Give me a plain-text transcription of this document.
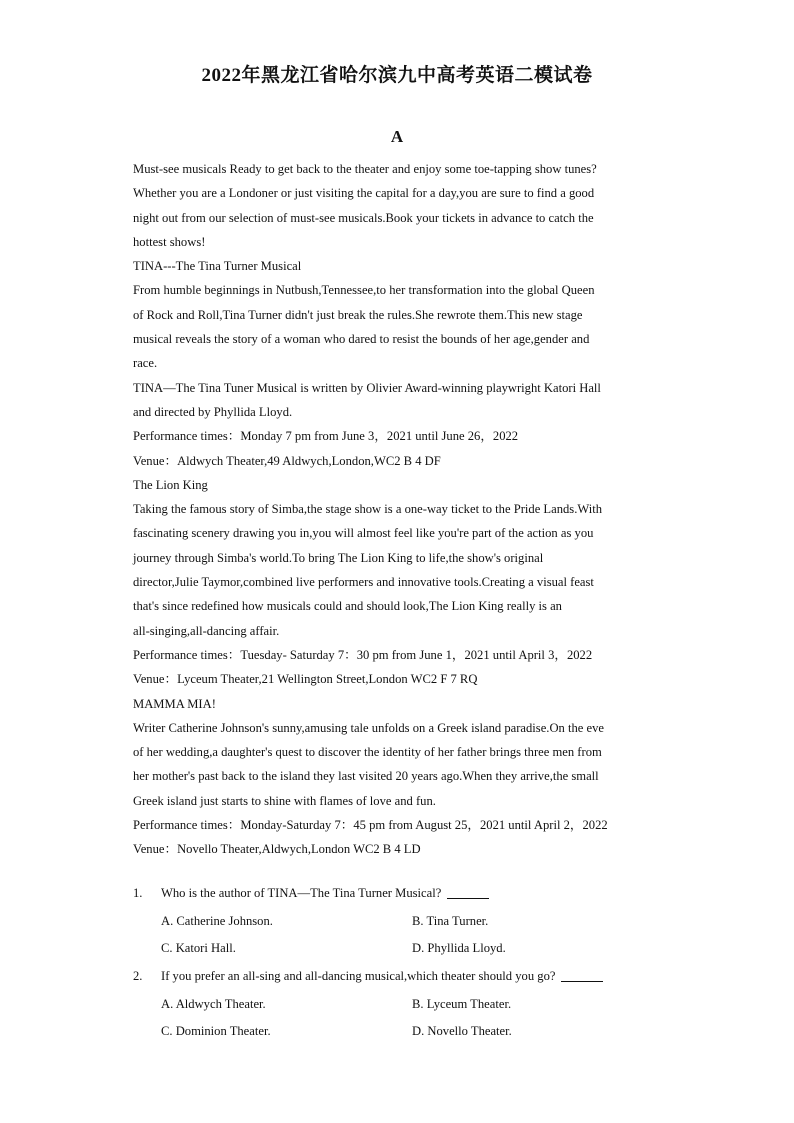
2022年黑龙江省哈尔滨九中高考英语二模试卷
A
Must-see musicals Ready to get back to the theater and enjoy some toe-tapping show tunes?
Whether you are a Londoner or just visiting the capital for a day,you are sure to find a good
night out from our selection of must-see musicals.Book your tickets in advance to catch the
hottest shows!
TINA---The Tina Turner Musical
From humble beginnings in Nutbush,Tennessee,to her transformation into the global Queen
of Rock and Roll,Tina Turner didn't just break the rules.She rewrote them.This new stage
musical reveals the story of a woman who dared to resist the bounds of her age,gender and
race.
TINA—The Tina Tuner Musical is written by Olivier Award-winning playwright Katori Hall
and directed by Phyllida Lloyd.
Performance times：Monday 7 pm from June 3，2021 until June 26，2022
Venue：Aldwych Theater,49 Aldwych,London,WC2 B 4 DF
The Lion King
Taking the famous story of Simba,the stage show is a one-way ticket to the Pride Lands.With
fascinating scenery drawing you in,you will almost feel like you're part of the action as you
journey through Simba's world.To bring The Lion King to life,the show's original
director,Julie Taymor,combined live performers and innovative tools.Creating a visual feast
that's since redefined how musicals could and should look,The Lion King really is an
all-singing,all-dancing affair.
Performance times：Tuesday- Saturday 7：30 pm from June 1，2021 until April 3，2022
Venue：Lyceum Theater,21 Wellington Street,London WC2 F 7 RQ
MAMMA MIA!
Writer Catherine Johnson's sunny,amusing tale unfolds on a Greek island paradise.On the eve
of her wedding,a daughter's quest to discover the identity of her father brings three men from
her mother's past back to the island they last visited 20 years ago.When they arrive,the small
Greek island just starts to shine with flames of love and fun.
Performance times：Monday-Saturday 7：45 pm from August 25，2021 until April 2，2022
Venue：Novello Theater,Aldwych,London WC2 B 4 LD
1. Who is the author of TINA—The Tina Turner Musical?
A. Catherine Johnson.	B. Tina Turner.
C. Katori Hall.	D. Phyllida Lloyd.
2. If you prefer an all-sing and all-dancing musical,which theater should you go?
A. Aldwych Theater.	B. Lyceum Theater.
C. Dominion Theater.	D. Novello Theater.
